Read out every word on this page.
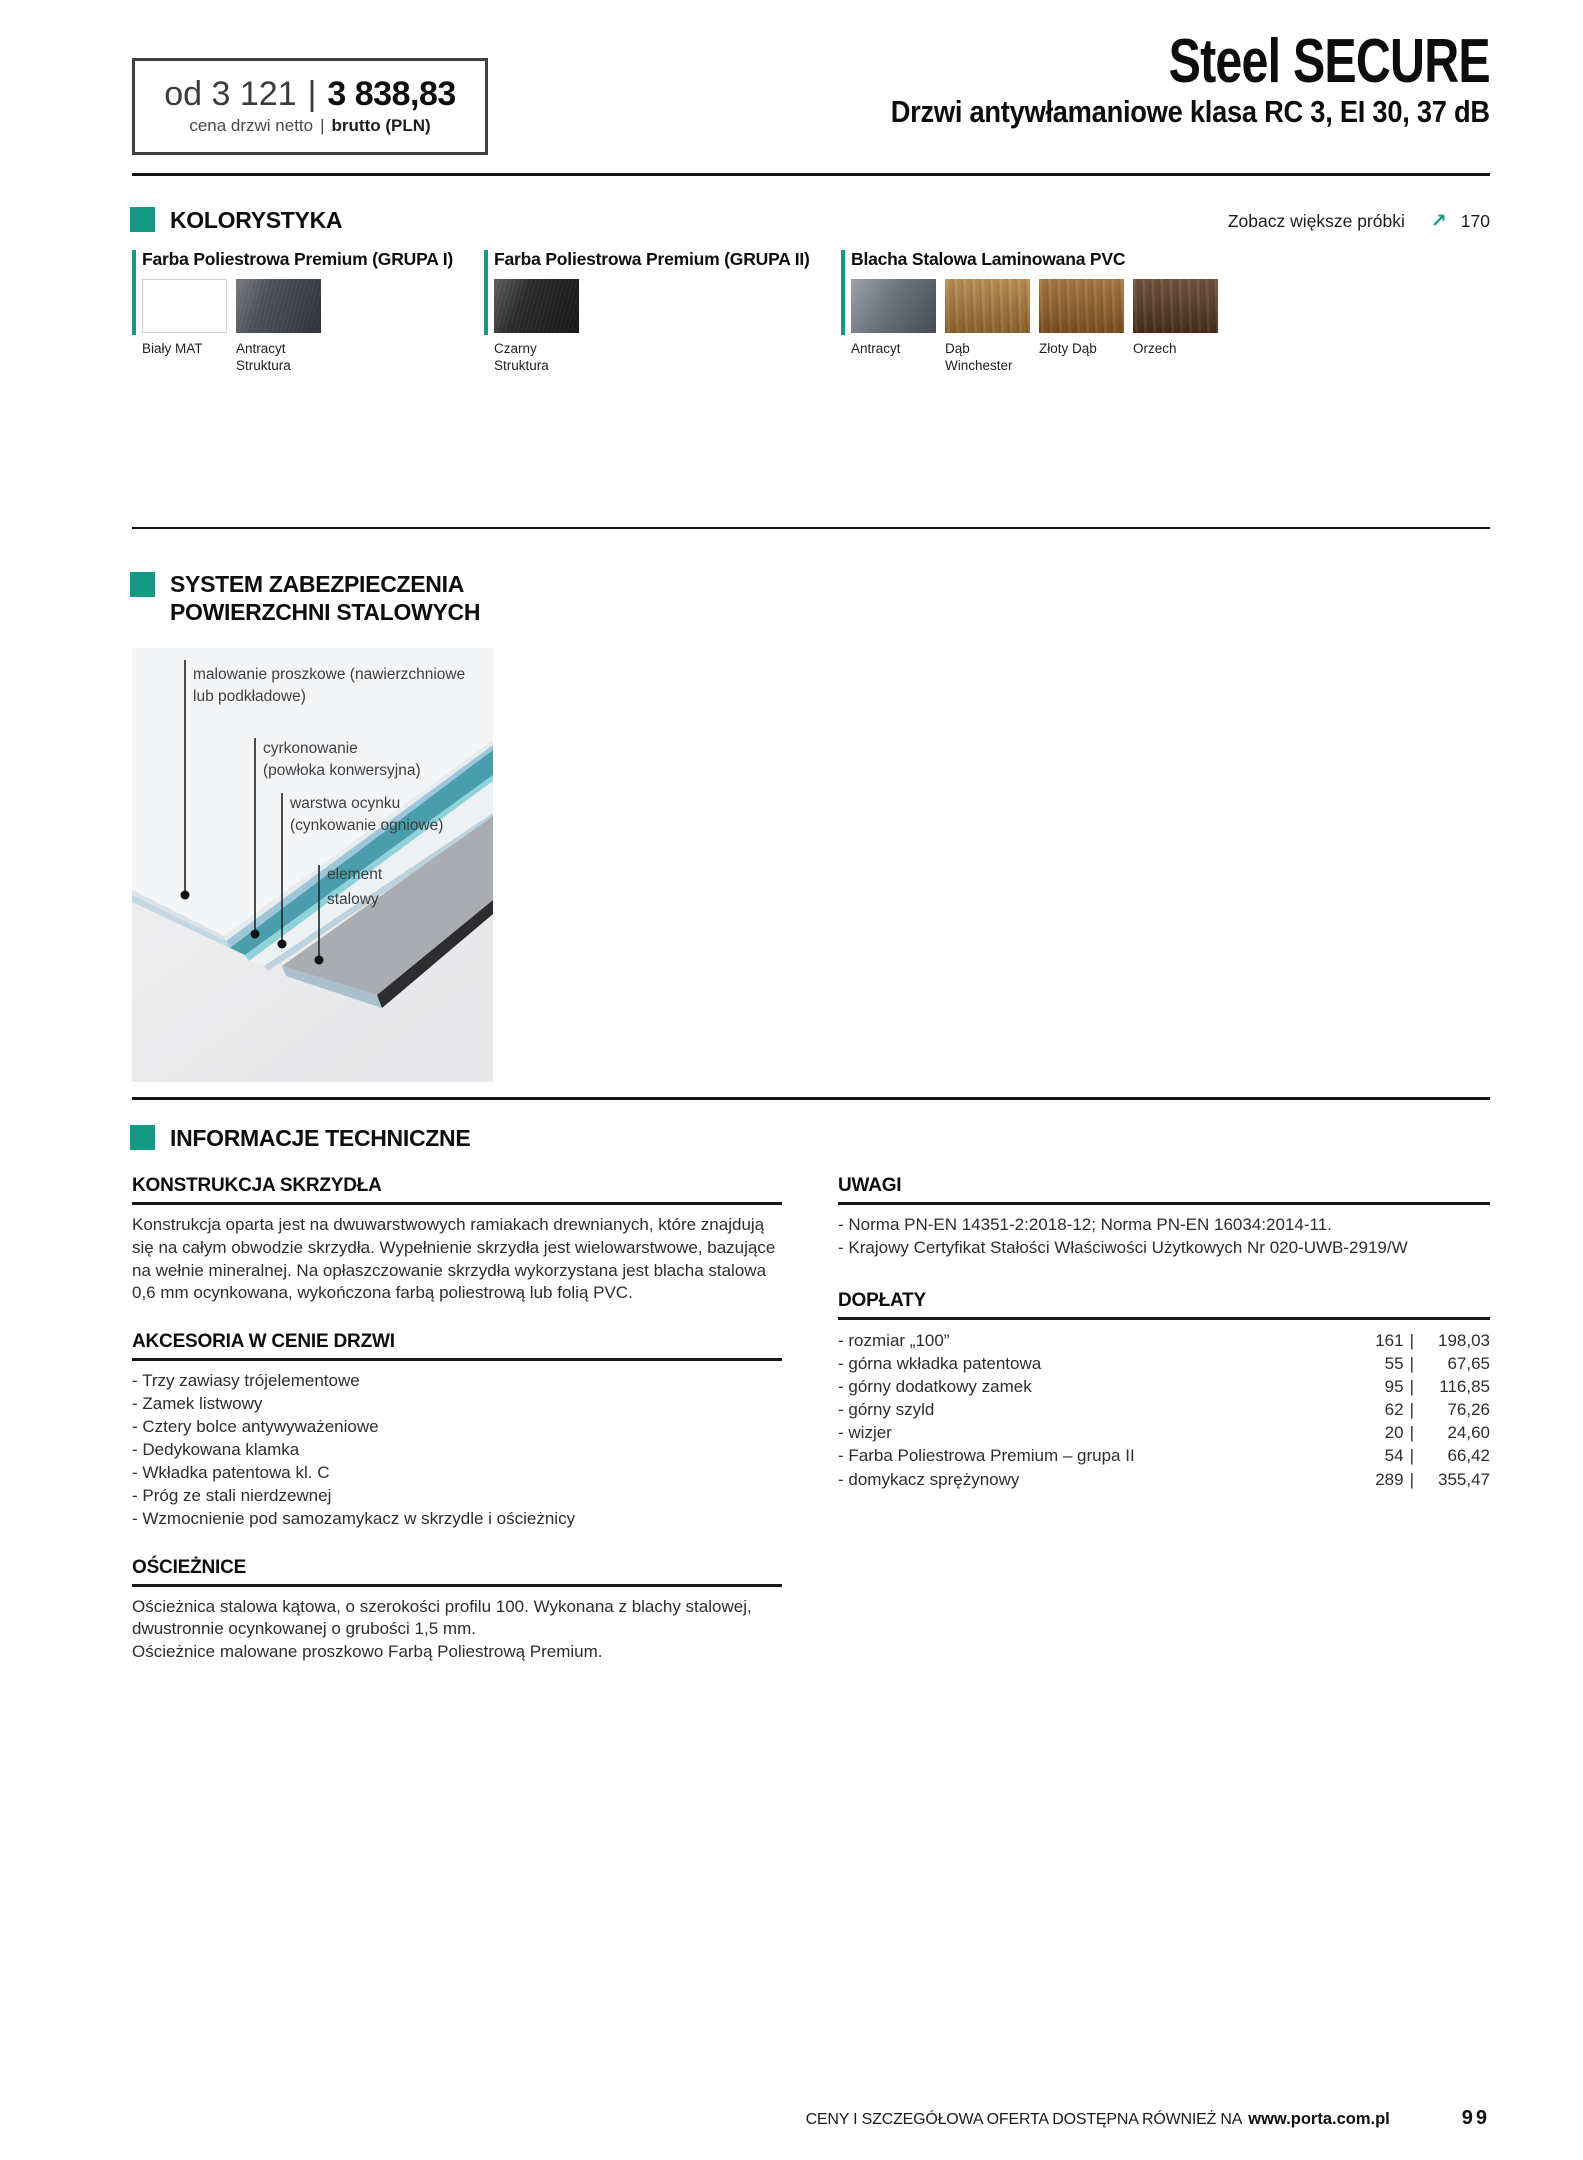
od 3 121 | 3 838,83
cena drzwi netto | brutto (PLN)
Steel SECURE
Drzwi antywłamaniowe klasa RC 3, EI 30, 37 dB
KOLORYSTYKA	Zobacz większe próbki ↗ 170
Farba Poliestrowa Premium (GRUPA I)
Biały MAT	Antracyt Struktura
Farba Poliestrowa Premium (GRUPA II)
Czarny Struktura
Blacha Stalowa Laminowana PVC
Antracyt	Dąb Winchester
Złoty Dąb	Orzech
SYSTEM ZABEZPIECZENIA
POWIERZCHNI STALOWYCH
malowanie proszkowe (nawierzchniowe
lub podkładowe)
cyrkonowanie
(powłoka konwersyjna)
warstwa ocynku
(cynkowanie ogniowe)
element
stalowy
INFORMACJE TECHNICZNE
KONSTRUKCJA SKRZYDŁA

Konstrukcja oparta jest na dwuwarstwowych ramiakach drewnianych, które znajdują się na całym obwodzie skrzydła. Wypełnienie skrzydła jest wielowarstwowe, bazujące na wełnie mineralnej. Na opłaszczowanie skrzydła wykorzystana jest blacha stalowa 0,6 mm ocynkowana, wykończona farbą poliestrową lub folią PVC.

AKCESORIA W CENIE DRZWI
- Trzy zawiasy trójelementowe
- Zamek listwowy
- Cztery bolce antywyważeniowe
- Dedykowana klamka
- Wkładka patentowa kl. C
- Próg ze stali nierdzewnej
- Wzmocnienie pod samozamykacz w skrzydle i ościeżnicy
OŚCIEŻNICE

Ościeżnica stalowa kątowa, o szerokości profilu 100. Wykonana z blachy stalowej, dwustronnie ocynkowanej o grubości 1,5 mm.

Ościeżnice malowane proszkowo Farbą Poliestrową Premium.

UWAGI
- Norma PN-EN 14351-2:2018-12; Norma PN-EN 16034:2014-11.
- Krajowy Certyfikat Stałości Właściwości Użytkowych Nr 020-UWB-2919/W
DOPŁATY
- rozmiar „100”	161 |	198,03
- górna wkładka patentowa	55 |	67,65
- górny dodatkowy zamek	95 |	116,85
- górny szyld	62 |	76,26
- wizjer	20 |	24,60
- Farba Poliestrowa Premium – grupa II	54 |	66,42
- domykacz sprężynowy	289 |	355,47
CENY I SZCZEGÓŁOWA OFERTA DOSTĘPNA RÓWNIEŻ NA www.porta.com.pl	99
